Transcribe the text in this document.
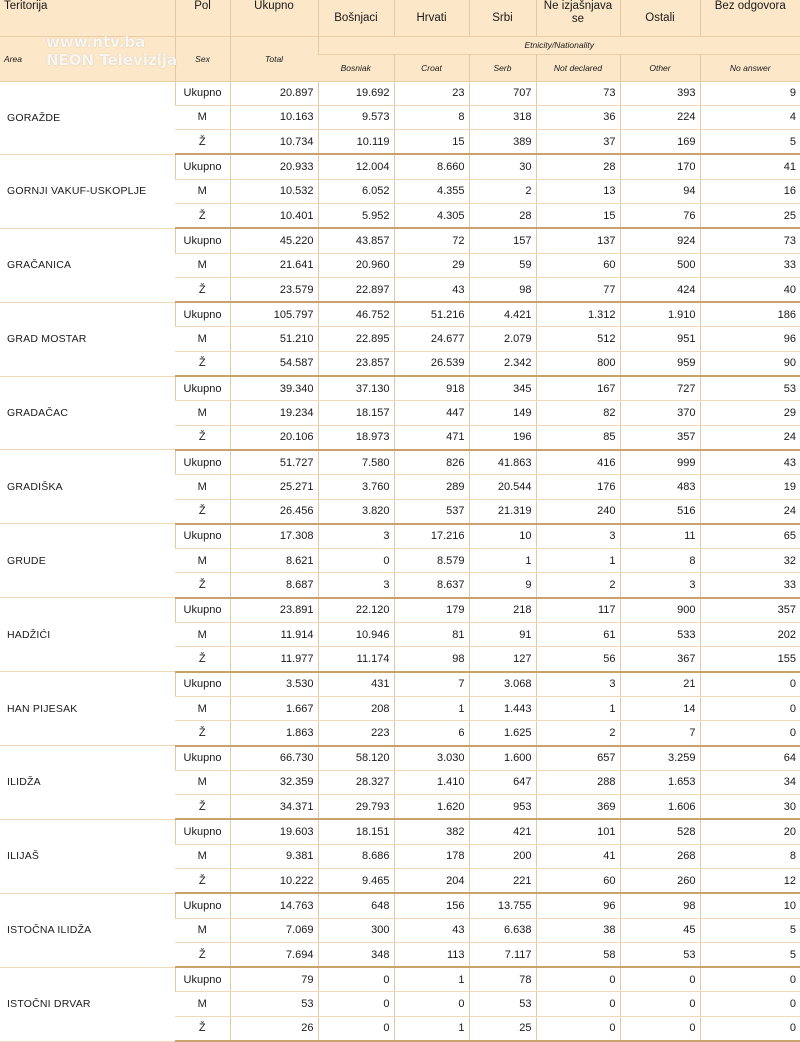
www.ntv.ba
NEON Televizija
Teritorija	Pol	Ukupno	Bošnjaci	Hrvati	Srbi	Ne izjašnjava se	Ostali	Bez odgovora
Area	Sex	Total	Etnicity/Nationality					
			Bosniak	Croat	Serb	Not declared	Other	No answer
GORAŽDE	Ukupno	20.897	19.692	23	707	73	393	9
	M	10.163	9.573	8	318	36	224	4
	Ž	10.734	10.119	15	389	37	169	5
GORNJI VAKUF-USKOPLJE	Ukupno	20.933	12.004	8.660	30	28	170	41
	M	10.532	6.052	4.355	2	13	94	16
	Ž	10.401	5.952	4.305	28	15	76	25
GRAČANICA	Ukupno	45.220	43.857	72	157	137	924	73
	M	21.641	20.960	29	59	60	500	33
	Ž	23.579	22.897	43	98	77	424	40
GRAD MOSTAR	Ukupno	105.797	46.752	51.216	4.421	1.312	1.910	186
	M	51.210	22.895	24.677	2.079	512	951	96
	Ž	54.587	23.857	26.539	2.342	800	959	90
GRADAČAC	Ukupno	39.340	37.130	918	345	167	727	53
	M	19.234	18.157	447	149	82	370	29
	Ž	20.106	18.973	471	196	85	357	24
GRADIŠKA	Ukupno	51.727	7.580	826	41.863	416	999	43
	M	25.271	3.760	289	20.544	176	483	19
	Ž	26.456	3.820	537	21.319	240	516	24
GRUDE	Ukupno	17.308	3	17.216	10	3	11	65
	M	8.621	0	8.579	1	1	8	32
	Ž	8.687	3	8.637	9	2	3	33
HADŽIĆI	Ukupno	23.891	22.120	179	218	117	900	357
	M	11.914	10.946	81	91	61	533	202
	Ž	11.977	11.174	98	127	56	367	155
HAN PIJESAK	Ukupno	3.530	431	7	3.068	3	21	0
	M	1.667	208	1	1.443	1	14	0
	Ž	1.863	223	6	1.625	2	7	0
ILIDŽA	Ukupno	66.730	58.120	3.030	1.600	657	3.259	64
	M	32.359	28.327	1.410	647	288	1.653	34
	Ž	34.371	29.793	1.620	953	369	1.606	30
ILIJAŠ	Ukupno	19.603	18.151	382	421	101	528	20
	M	9.381	8.686	178	200	41	268	8
	Ž	10.222	9.465	204	221	60	260	12
ISTOČNA ILIDŽA	Ukupno	14.763	648	156	13.755	96	98	10
	M	7.069	300	43	6.638	38	45	5
	Ž	7.694	348	113	7.117	58	53	5
ISTOČNI DRVAR	Ukupno	79	0	1	78	0	0	0
	M	53	0	0	53	0	0	0
	Ž	26	0	1	25	0	0	0
